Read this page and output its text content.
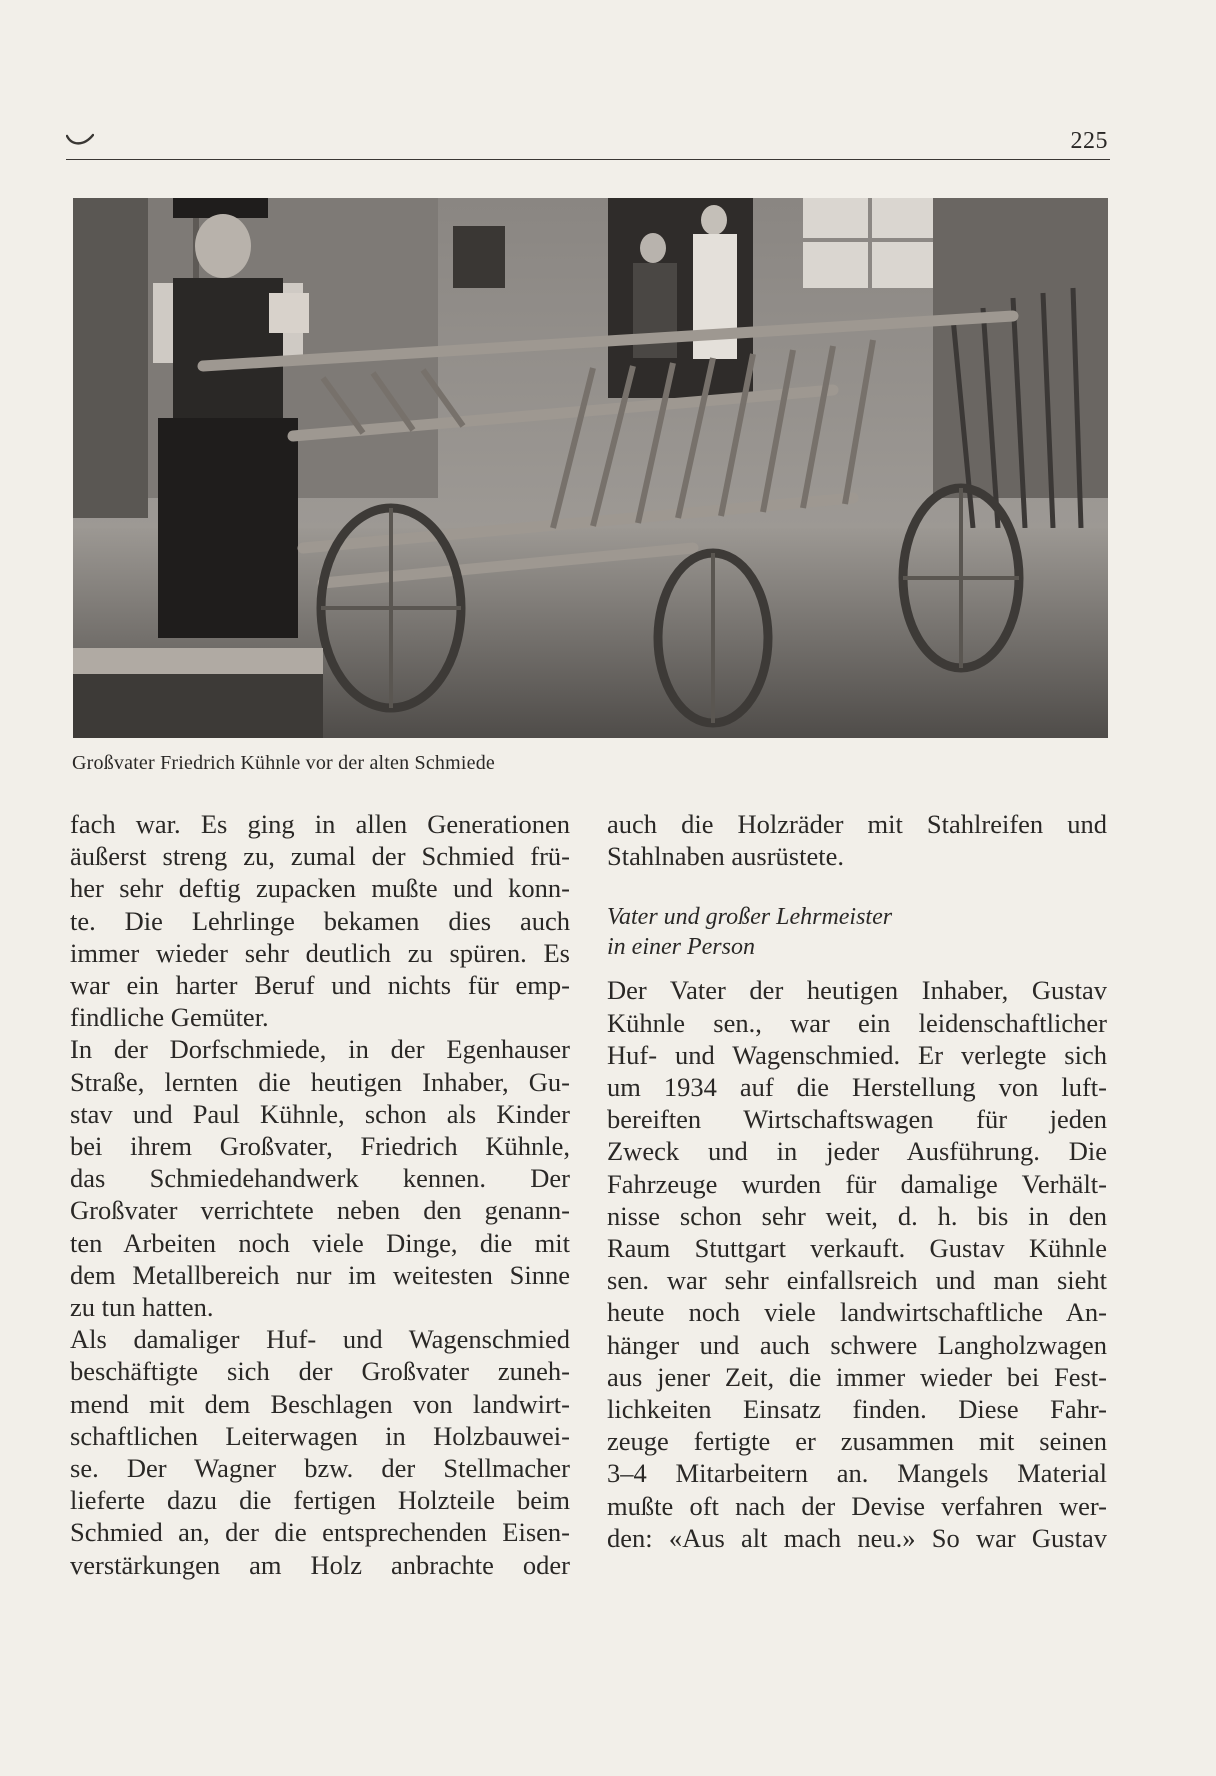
225
Großvater Friedrich Kühnle vor der alten Schmiede

fach war. Es ging in allen Generationen
äußerst streng zu, zumal der Schmied frü-
her sehr deftig zupacken mußte und konn-
te. Die Lehrlinge bekamen dies auch
immer wieder sehr deutlich zu spüren. Es
war ein harter Beruf und nichts für emp-
findliche Gemüter.

In der Dorfschmiede, in der Egenhauser
Straße, lernten die heutigen Inhaber, Gu-
stav und Paul Kühnle, schon als Kinder
bei ihrem Großvater, Friedrich Kühnle,
das Schmiedehandwerk kennen. Der
Großvater verrichtete neben den genann-
ten Arbeiten noch viele Dinge, die mit
dem Metallbereich nur im weitesten Sinne
zu tun hatten.

Als damaliger Huf- und Wagenschmied
beschäftigte sich der Großvater zuneh-
mend mit dem Beschlagen von landwirt-
schaftlichen Leiterwagen in Holzbauwei-
se. Der Wagner bzw. der Stellmacher
lieferte dazu die fertigen Holzteile beim
Schmied an, der die entsprechenden Eisen-
verstärkungen am Holz anbrachte oder

auch die Holzräder mit Stahlreifen und
Stahlnaben ausrüstete.

Vater und großer Lehrmeister
in einer Person

Der Vater der heutigen Inhaber, Gustav
Kühnle sen., war ein leidenschaftlicher
Huf- und Wagenschmied. Er verlegte sich
um 1934 auf die Herstellung von luft-
bereiften Wirtschaftswagen für jeden
Zweck und in jeder Ausführung. Die
Fahrzeuge wurden für damalige Verhält-
nisse schon sehr weit, d. h. bis in den
Raum Stuttgart verkauft. Gustav Kühnle
sen. war sehr einfallsreich und man sieht
heute noch viele landwirtschaftliche An-
hänger und auch schwere Langholzwagen
aus jener Zeit, die immer wieder bei Fest-
lichkeiten Einsatz finden. Diese Fahr-
zeuge fertigte er zusammen mit seinen
3–4 Mitarbeitern an. Mangels Material
mußte oft nach der Devise verfahren wer-
den: «Aus alt mach neu.» So war Gustav
